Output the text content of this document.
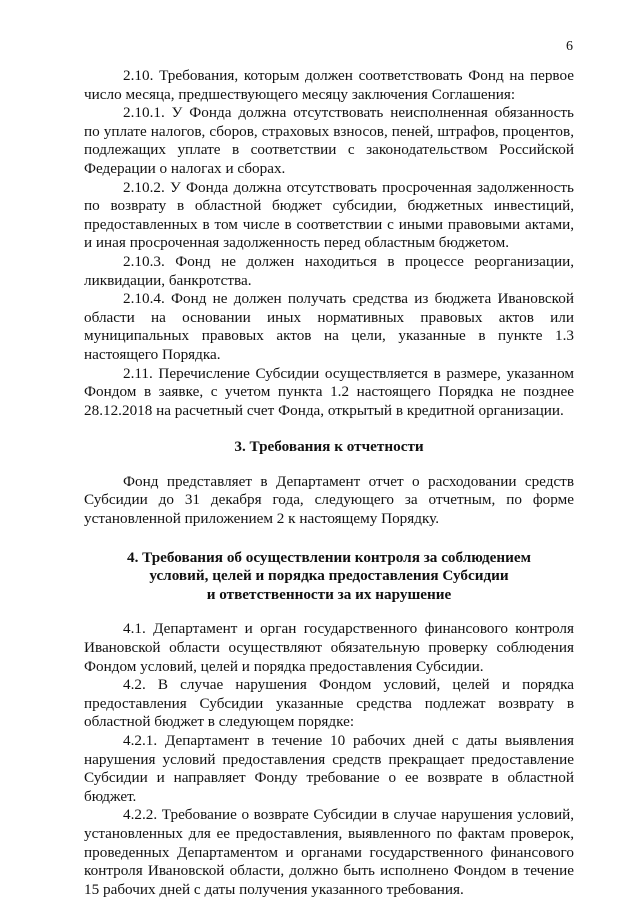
6

2.10. Требования, которым должен соответствовать Фонд на первое число месяца, предшествующего месяцу заключения Соглашения:

2.10.1. У Фонда должна отсутствовать неисполненная обязанность по уплате налогов, сборов, страховых взносов, пеней, штрафов, процентов, подлежащих уплате в соответствии с законодательством Российской Федерации о налогах и сборах.

2.10.2. У Фонда должна отсутствовать просроченная задолженность по возврату в областной бюджет субсидии, бюджетных инвестиций, предоставленных в том числе в соответствии с иными правовыми актами, и иная просроченная задолженность перед областным бюджетом.

2.10.3. Фонд не должен находиться в процессе реорганизации, ликвидации, банкротства.

2.10.4. Фонд не должен получать средства из бюджета Ивановской области на основании иных нормативных правовых актов или муниципальных правовых актов на цели, указанные в пункте 1.3 настоящего Порядка.

2.11. Перечисление Субсидии осуществляется в размере, указанном Фондом в заявке, с учетом пункта 1.2 настоящего Порядка не позднее 28.12.2018 на расчетный счет Фонда, открытый в кредитной организации.

3. Требования к отчетности

Фонд представляет в Департамент отчет о расходовании средств Субсидии до 31 декабря года, следующего за отчетным, по форме установленной приложением 2 к настоящему Порядку.

4. Требования об осуществлении контроля за соблюдением
условий, целей и порядка предоставления Субсидии
и ответственности за их нарушение

4.1. Департамент и орган государственного финансового контроля Ивановской области осуществляют обязательную проверку соблюдения Фондом условий, целей и порядка предоставления Субсидии.

4.2. В случае нарушения Фондом условий, целей и порядка предоставления Субсидии указанные средства подлежат возврату в областной бюджет в следующем порядке:

4.2.1. Департамент в течение 10 рабочих дней с даты выявления нарушения условий предоставления средств прекращает предоставление Субсидии и направляет Фонду требование о ее возврате в областной бюджет.

4.2.2. Требование о возврате Субсидии в случае нарушения условий, установленных для ее предоставления, выявленного по фактам проверок, проведенных Департаментом и органами государственного финансового контроля Ивановской области, должно быть исполнено Фондом в течение 15 рабочих дней с даты получения указанного требования.
